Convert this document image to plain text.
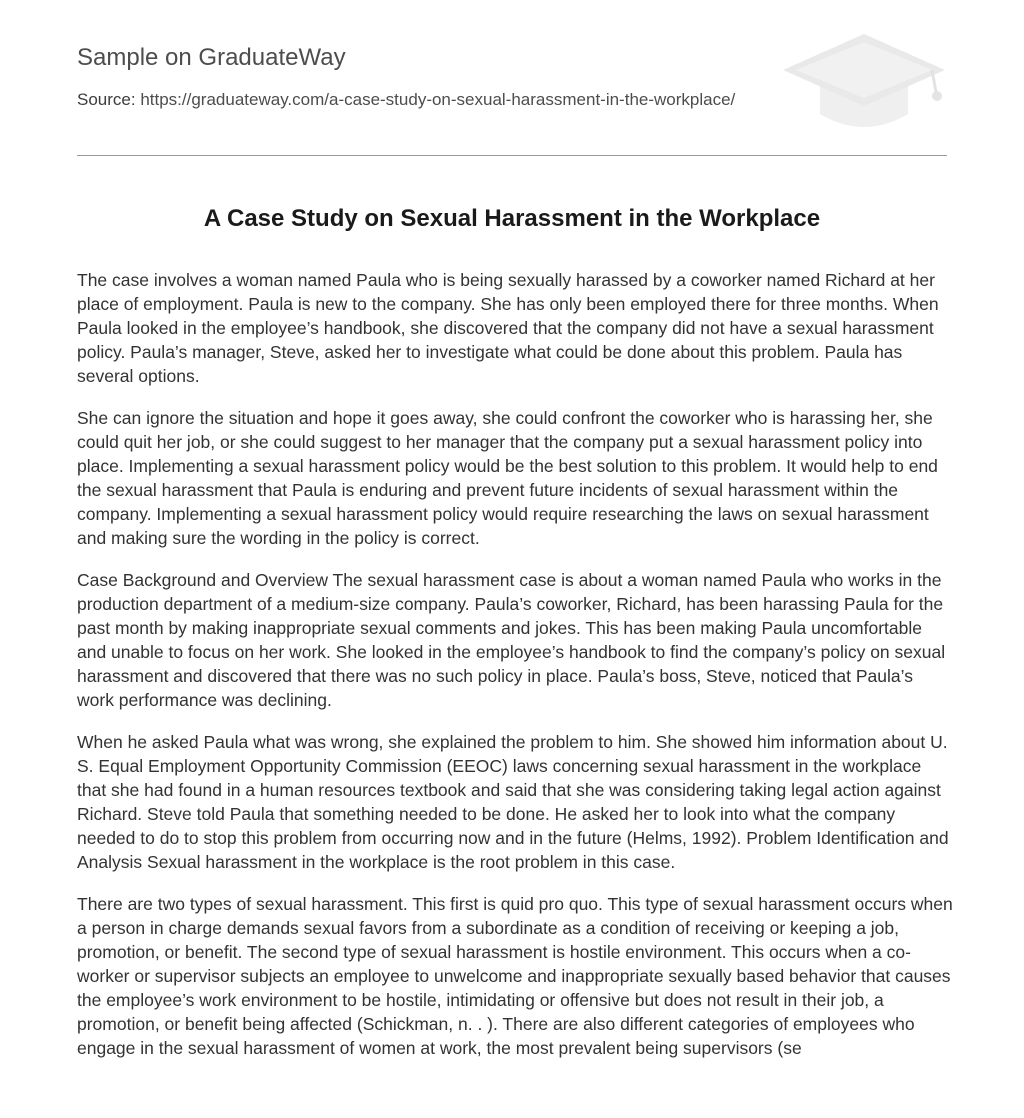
Sample on GraduateWay
Source: https://graduateway.com/a-case-study-on-sexual-harassment-in-the-workplace/
A Case Study on Sexual Harassment in the Workplace

The case involves a woman named Paula who is being sexually harassed by a coworker named Richard at her place of employment. Paula is new to the company. She has only been employed there for three months. When Paula looked in the employee’s handbook, she discovered that the company did not have a sexual harassment policy. Paula’s manager, Steve, asked her to investigate what could be done about this problem. Paula has several options.

She can ignore the situation and hope it goes away, she could confront the coworker who is harassing her, she could quit her job, or she could suggest to her manager that the company put a sexual harassment policy into place. Implementing a sexual harassment policy would be the best solution to this problem. It would help to end the sexual harassment that Paula is enduring and prevent future incidents of sexual harassment within the company. Implementing a sexual harassment policy would require researching the laws on sexual harassment and making sure the wording in the policy is correct.

Case Background and Overview The sexual harassment case is about a woman named Paula who works in the production department of a medium-size company. Paula’s coworker, Richard, has been harassing Paula for the past month by making inappropriate sexual comments and jokes. This has been making Paula uncomfortable and unable to focus on her work. She looked in the employee’s handbook to find the company’s policy on sexual harassment and discovered that there was no such policy in place. Paula’s boss, Steve, noticed that Paula’s work performance was declining.

When he asked Paula what was wrong, she explained the problem to him. She showed him information about U. S. Equal Employment Opportunity Commission (EEOC) laws concerning sexual harassment in the workplace that she had found in a human resources textbook and said that she was considering taking legal action against Richard. Steve told Paula that something needed to be done. He asked her to look into what the company needed to do to stop this problem from occurring now and in the future (Helms, 1992). Problem Identification and Analysis Sexual harassment in the workplace is the root problem in this case.

There are two types of sexual harassment. This first is quid pro quo. This type of sexual harassment occurs when a person in charge demands sexual favors from a subordinate as a condition of receiving or keeping a job, promotion, or benefit. The second type of sexual harassment is hostile environment. This occurs when a co-worker or supervisor subjects an employee to unwelcome and inappropriate sexually based behavior that causes the employee’s work environment to be hostile, intimidating or offensive but does not result in their job, a promotion, or benefit being affected (Schickman, n. . ). There are also different categories of employees who engage in the sexual harassment of women at work, the most prevalent being supervisors (se
